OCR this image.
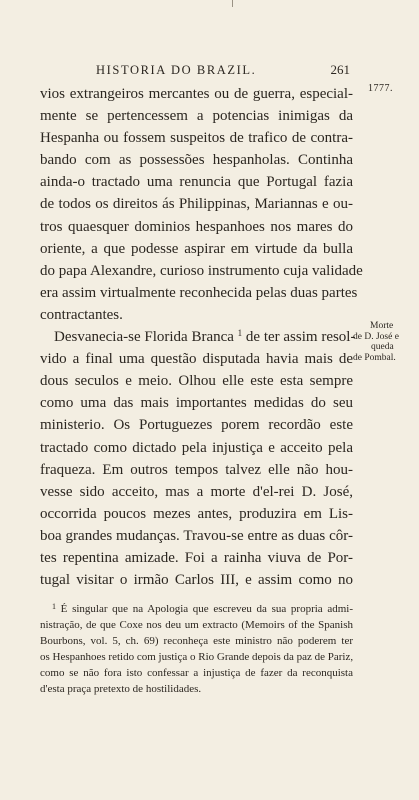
HISTORIA DO BRAZIL.	261
1777.
Morte
de D. José e
queda
de Pombal.
vios extrangeiros mercantes ou de guerra, especial-
mente se pertencessem a potencias inimigas da
Hespanha ou fossem suspeitos de trafico de contra-
bando com as possessões hespanholas. Continha
ainda-o tractado uma renuncia que Portugal fazia
de todos os direitos ás Philippinas, Mariannas e ou-
tros quaesquer dominios hespanhoes nos mares do
oriente, a que podesse aspirar em virtude da bulla
do papa Alexandre, curioso instrumento cuja validade
era assim virtualmente reconhecida pelas duas partes
contractantes.
Desvanecia-se Florida Branca $^1$ de ter assim resol-
vido a final uma questão disputada havia mais de
dous seculos e meio. Olhou elle este esta sempre
como uma das mais importantes medidas do seu
ministerio. Os Portuguezes porem recordão este
tractado como dictado pela injustiça e acceito pela
fraqueza. Em outros tempos talvez elle não hou-
vesse sido acceito, mas a morte d'el-rei D. José,
occorrida poucos mezes antes, produzira em Lis-
boa grandes mudanças. Travou-se entre as duas côr-
tes repentina amizade. Foi a rainha viuva de Por-
tugal visitar o irmão Carlos III, e assim como no
$^1$ É singular que na Apologia que escreveu da sua propria admi-
nistração, de que Coxe nos deu um extracto (Memoirs of the Spanish
Bourbons, vol. 5, ch. 69) reconheça este ministro não poderem ter
os Hespanhoes retido com justiça o Rio Grande depois da paz de Pariz,
como se não fora isto confessar a injustiça de fazer da reconquista
d'esta praça pretexto de hostilidades.
